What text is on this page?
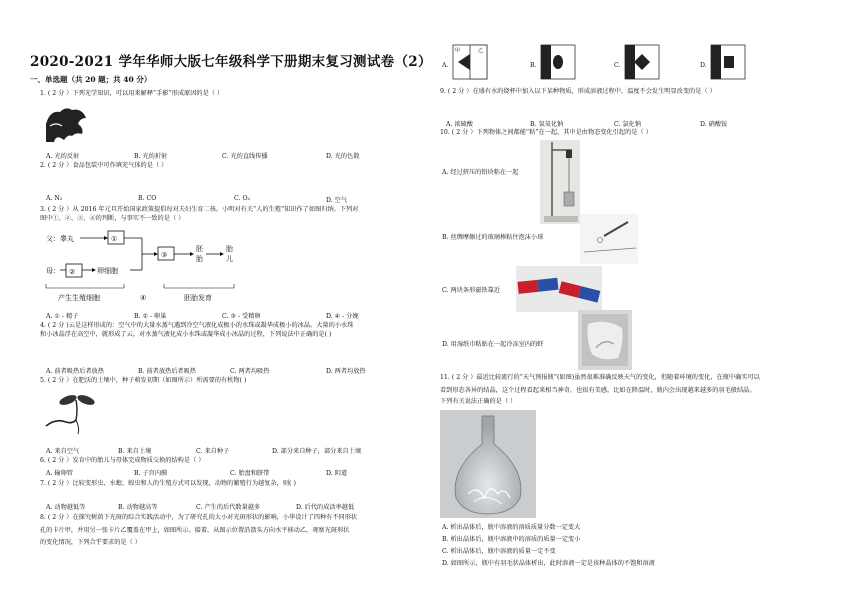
2020-2021 学年华师大版七年级科学下册期末复习测试卷（2）
一、单选题（共 20 题；共 40 分）
1. ( 2 分 ）下列光学知识，可以用来解释“手影”形成原因的是（ ）
A. 光的反射	B. 光的折射	C. 光的直线传播	D. 光的色散
2. ( 2 分 ）食品包装中可作填充气体的是（ ）
A. N₂	B. CO	C. O₂	D. 空气
3. ( 2 分 ）从 2016 年元旦开始国家政策提倡每对夫妇生育二孩。小明对有关“人的生殖”知识作了如图归纳。下列对
图中①、②、③、④的判断，与事实不一致的是（ ）
父：睾丸	①
母： ②	卵细胞
③
胚
胎
胎
儿
产生生殖细胞	④	胚胎发育
A. ① - 精子	B. ② - 卵巢	C. ③ - 受精卵	D. ④ - 分娩
4. ( 2 分 )云是这样形成的：空气中的大量水蒸气遇到冷空气液化成极小的水珠或凝华成极小的冰晶。大量的小水珠
和小冰晶浮在高空中，就形成了云。对水蒸气液化成小水珠或凝华成小冰晶的过程，下列说法中正确的是( )
A. 前者吸热后者放热	B. 前者放热后者吸热	C. 两者均吸热	D. 两者均放热
5. ( 2 分 ）在肥沃的土壤中，种子萌发初期（如图所示）所需要的有机物( )
A. 来自空气	B. 来自土壤	C. 来自种子	D. 部分来自种子，部分来自土壤
6. ( 2 分 ）发育中的胎儿与母体完成物质交换的结构是（ ）
A. 输卵管	B. 子宫内膜	C. 胎盘和脐带	D. 阴道
7. ( 2 分 ）比较变形虫、水螅、蝗虫和人的生殖方式可以发现，动物的繁殖行为越复杂，则( )
A. 动物越低等	B. 动物越高等	C. 产生的后代数量越多	D. 后代的成活率越低
8. ( 2 分 ）在探究树荫下光斑的综合实践活动中，为了研究孔的大小对光斑形状的影响，小华设计了四种有不同形状
孔的卡片甲，并用另一张卡片乙覆盖在甲上，如图所示。接着，从图示位置沿箭头方向水平移动乙，观察光斑形状
的变化情况，下列合乎要求的是（ ）
A.
甲	乙
B.	C.	D.
9. ( 2 分 ）在盛有水的烧杯中加入以下某种物质，形成溶液过程中，温度不会发生明显改变的是（ ）
A. 浓硫酸	B. 氢氧化钠	C. 氯化钠	D. 硝酸铵
10. ( 2 分 ）下列物体之间都能“粘”在一起，其中是由物态变化引起的是（ ）
A. 经过挤压的铅块粘在一起
B. 丝绸摩擦过的玻璃棒粘住泡沫小球
C. 两块条形磁铁靠近
D. 用湿纸巾粘贴在一起冷冻室内的虾
11. ( 2 分 ）最近比较流行的“天气预报瓶”(如图)虽然很难准确反映天气的变化，但随着环境的变化，在瓶中确实可以
看到形态各异的结晶，这个过程看起来相当神奇，也很有美感。比如在降温时，瓶内会出现越来越多的羽毛般结晶。
下列有关说法正确的是（ ）
A. 析出晶体后，瓶中溶液的溶质质量分数一定变大
B. 析出晶体后，瓶中溶液中的溶质的质量一定变小
C. 析出晶体后，瓶中溶液的质量一定不变
D. 如图所示，瓶中有羽毛状晶体析出，此时溶液一定是该种晶体的不饱和溶液
